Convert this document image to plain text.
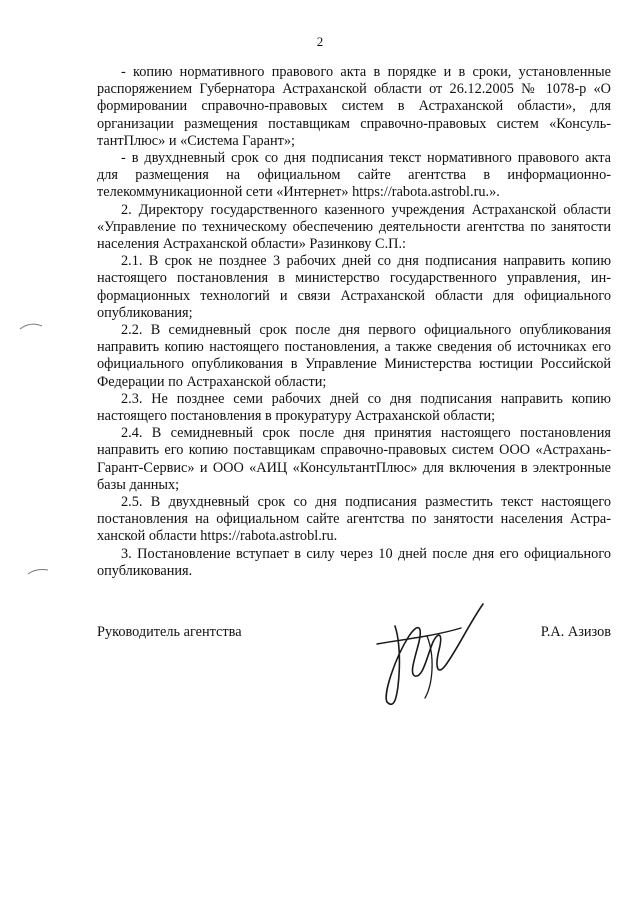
2

- копию нормативного правового акта в порядке и в сроки, установленные распоряжением Губернатора Астраханской области от 26.12.2005 № 1078-р «О формировании справочно-правовых систем в Астраханской области», для организации размещения поставщикам справочно-правовых систем «КонсультантПлюс» и «Система Гарант»;

- в двухдневный срок со дня подписания текст нормативного правового акта для размещения на официальном сайте агентства в информационно-телекоммуникационной сети «Интернет» https://rabota.astrobl.ru.».

2. Директору государственного казенного учреждения Астраханской области «Управление по техническому обеспечению деятельности агентства по занятости населения Астраханской области» Разинкову С.П.:

2.1. В срок не позднее 3 рабочих дней со дня подписания направить копию настоящего постановления в министерство государственного управления, информационных технологий и связи Астраханской области для официального опубликования;

2.2. В семидневный срок после дня первого официального опубликования направить копию настоящего постановления, а также сведения об источниках его официального опубликования в Управление Министерства юстиции Российской Федерации по Астраханской области;

2.3. Не позднее семи рабочих дней со дня подписания направить копию настоящего постановления в прокуратуру Астраханской области;

2.4. В семидневный срок после дня принятия настоящего постановления направить его копию поставщикам справочно-правовых систем ООО «Астрахань-Гарант-Сервис» и ООО «АИЦ «КонсультантПлюс» для включения в электронные базы данных;

2.5. В двухдневный срок со дня подписания разместить текст настоящего постановления на официальном сайте агентства по занятости населения Астраханской области https://rabota.astrobl.ru.

3. Постановление вступает в силу через 10 дней после дня его официального опубликования.

Руководитель агентства	Р.А. Азизов
